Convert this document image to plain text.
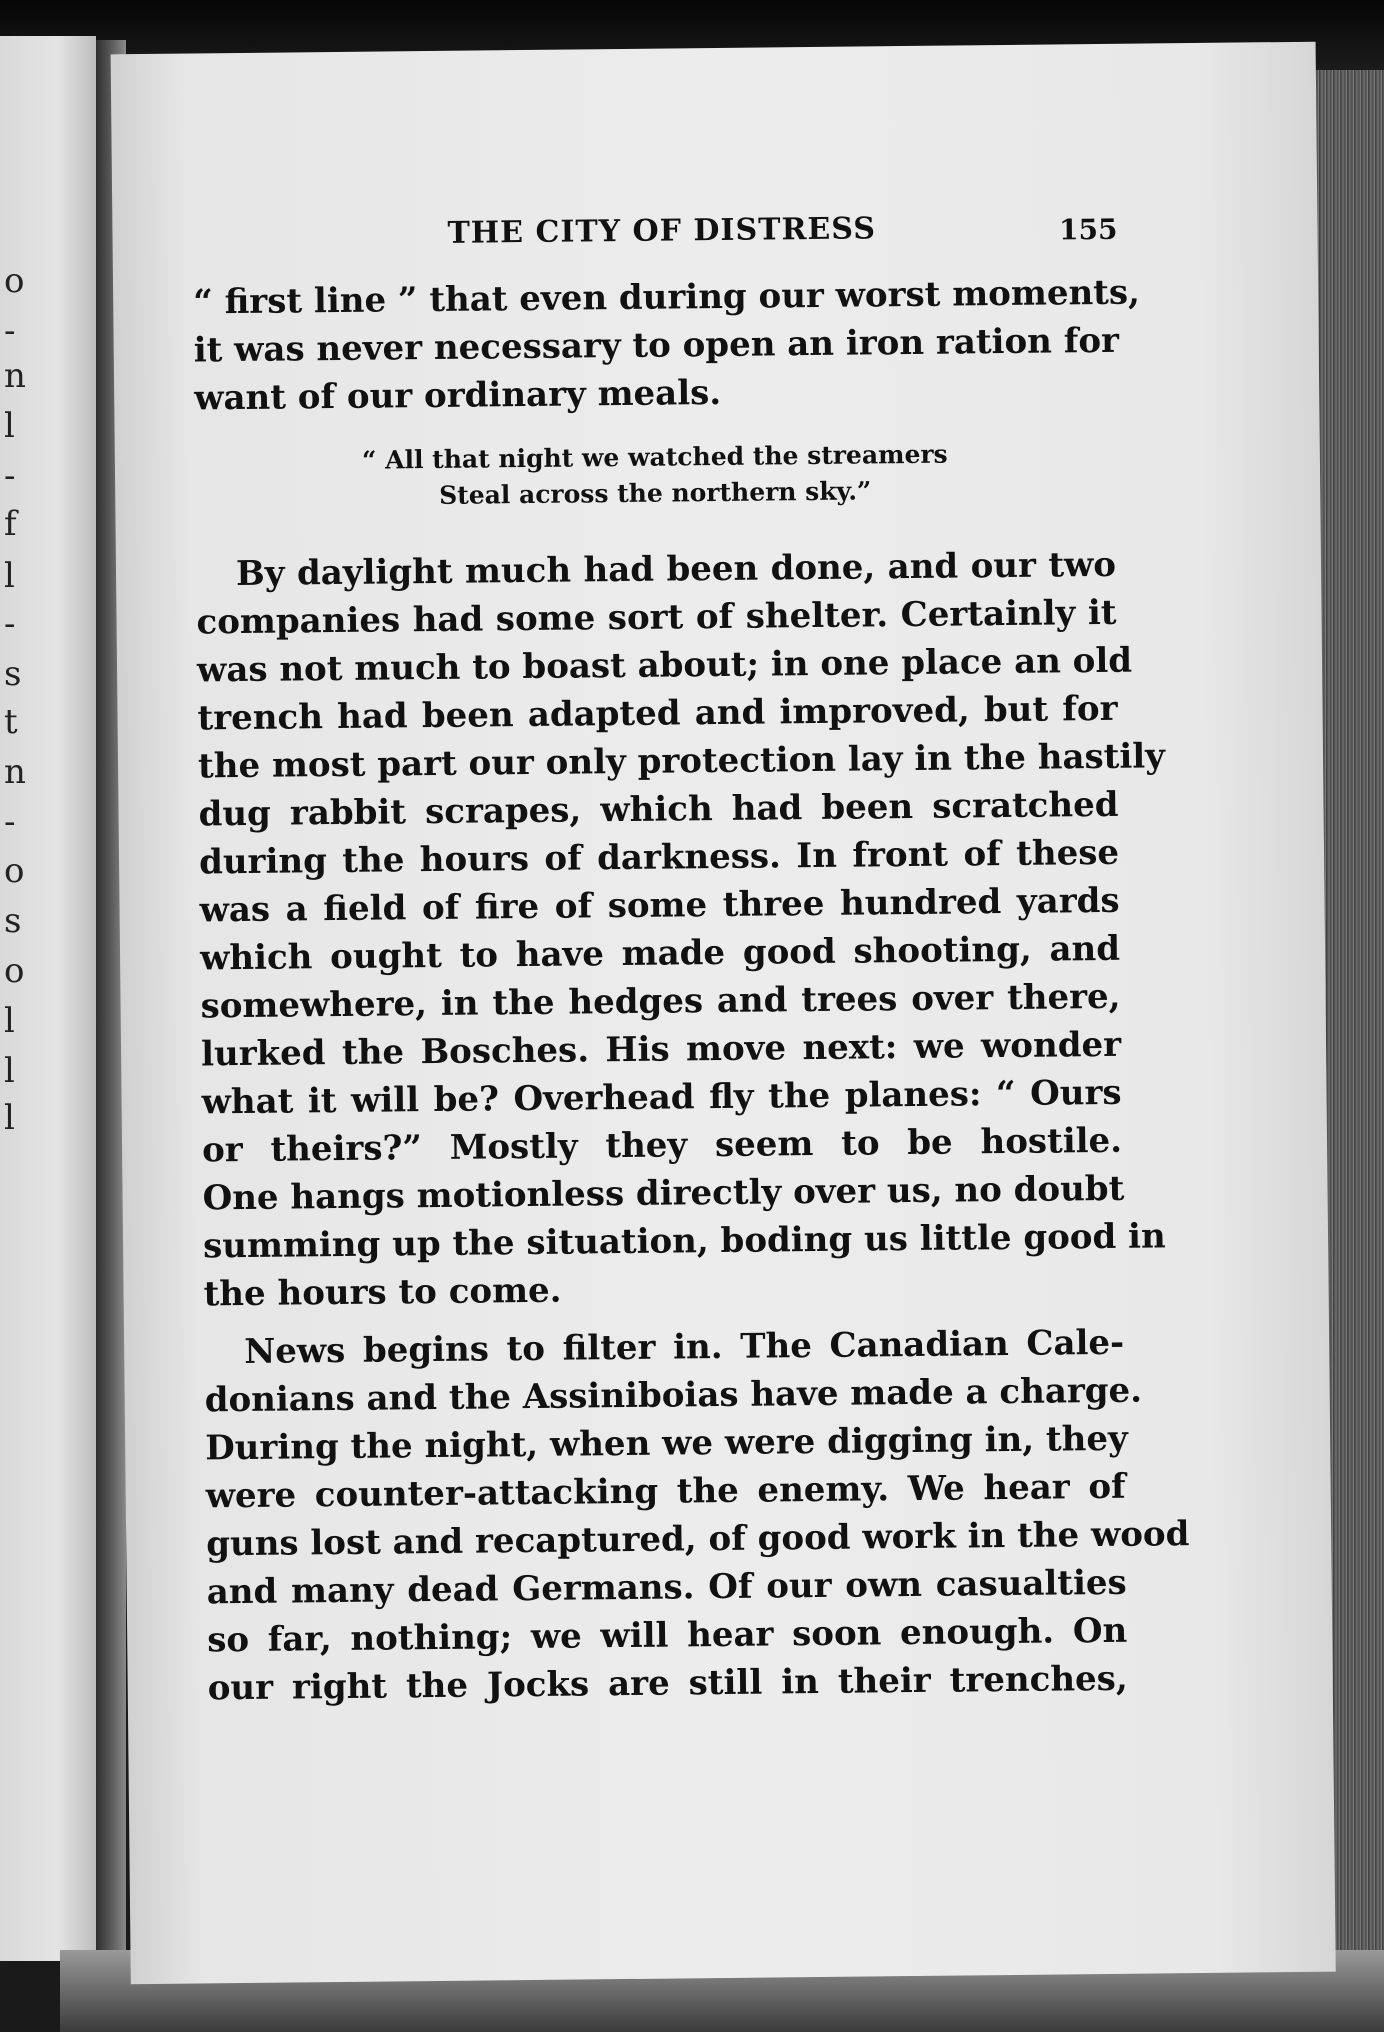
o
-
n
l
-
f
l
-
s
t
n
-
o
s
o
l
l
l
THE CITY OF DISTRESS	155

“ first line ” that even during our worst moments,
it was never necessary to open an iron ration for
want of our ordinary meals.

“ All that night we watched the streamers
Steal across the northern sky.”

By daylight much had been done, and our two
companies had some sort of shelter. Certainly it
was not much to boast about; in one place an old
trench had been adapted and improved, but for
the most part our only protection lay in the hastily
dug rabbit scrapes, which had been scratched
during the hours of darkness. In front of these
was a field of fire of some three hundred yards
which ought to have made good shooting, and
somewhere, in the hedges and trees over there,
lurked the Bosches. His move next: we wonder
what it will be? Overhead fly the planes: “ Ours
or theirs?” Mostly they seem to be hostile.
One hangs motionless directly over us, no doubt
summing up the situation, boding us little good in
the hours to come.

News begins to filter in. The Canadian Cale-
donians and the Assiniboias have made a charge.
During the night, when we were digging in, they
were counter-attacking the enemy. We hear of
guns lost and recaptured, of good work in the wood
and many dead Germans. Of our own casualties
so far, nothing; we will hear soon enough. On
our right the Jocks are still in their trenches,
